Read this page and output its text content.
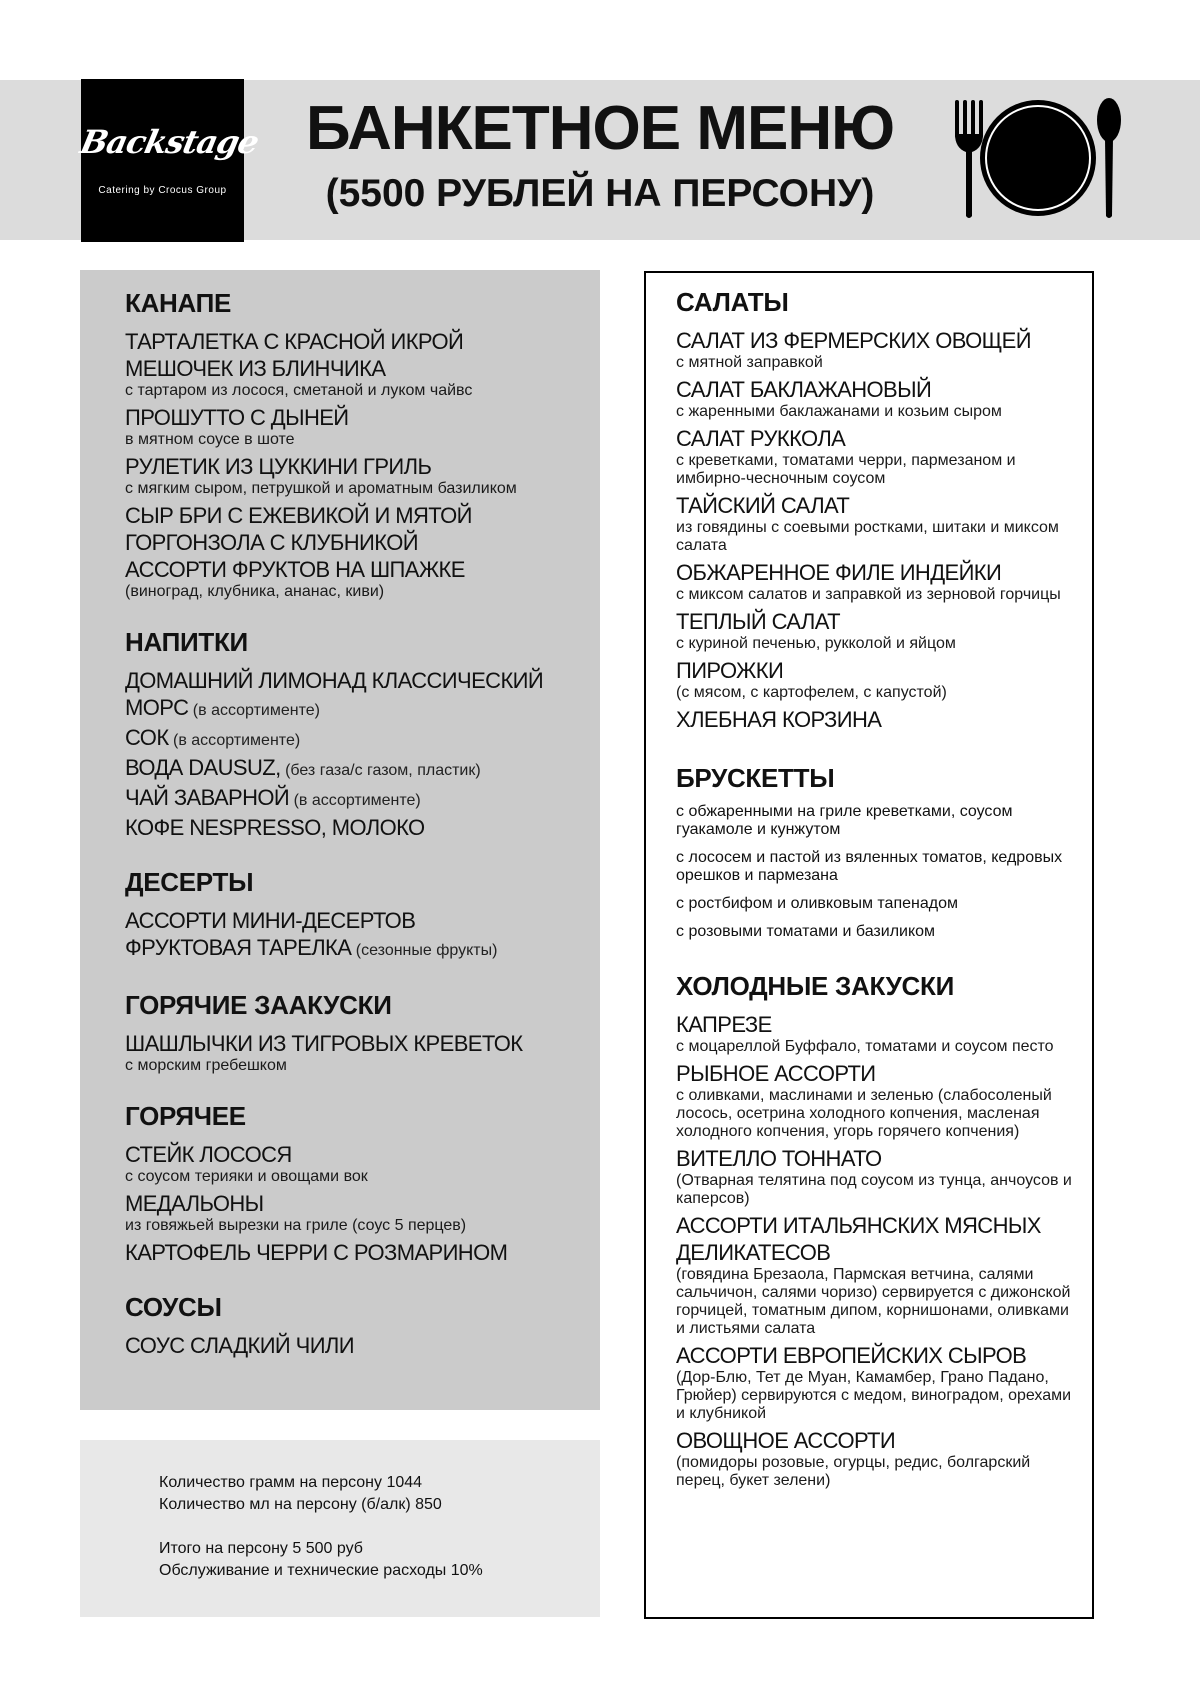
Backstage
Catering by Crocus Group
БАНКЕТНОЕ МЕНЮ
(5500 РУБЛЕЙ НА ПЕРСОНУ)
КАНАПЕ
ТАРТАЛЕТКА С КРАСНОЙ ИКРОЙ
МЕШОЧЕК ИЗ БЛИНЧИКА
с тартаром из лосося, сметаной и луком чайвс
ПРОШУТТО С ДЫНЕЙ
в мятном соусе в шоте
РУЛЕТИК ИЗ ЦУККИНИ ГРИЛЬ
с мягким сыром, петрушкой и ароматным базиликом
СЫР БРИ С ЕЖЕВИКОЙ И МЯТОЙ
ГОРГОНЗОЛА С КЛУБНИКОЙ
АССОРТИ ФРУКТОВ НА ШПАЖКЕ
(виноград, клубника, ананас, киви)
НАПИТКИ
ДОМАШНИЙ ЛИМОНАД КЛАССИЧЕСКИЙ
МОРС (в ассортименте)
СОК (в ассортименте)
ВОДА DAUSUZ, (без газа/с газом, пластик)
ЧАЙ ЗАВАРНОЙ (в ассортименте)
КОФЕ NESPRESSO, МОЛОКО
ДЕСЕРТЫ
АССОРТИ МИНИ-ДЕСЕРТОВ
ФРУКТОВАЯ ТАРЕЛКА (сезонные фрукты)
ГОРЯЧИЕ ЗААКУСКИ
ШАШЛЫЧКИ ИЗ ТИГРОВЫХ КРЕВЕТОК
с морским гребешком
ГОРЯЧЕЕ
СТЕЙК ЛОСОСЯ
с соусом терияки и овощами вок
МЕДАЛЬОНЫ
из говяжьей вырезки на гриле (соус 5 перцев)
КАРТОФЕЛЬ ЧЕРРИ С РОЗМАРИНОМ
СОУСЫ
СОУС СЛАДКИЙ ЧИЛИ
Количество грамм на персону 1044
Количество мл на персону (б/алк) 850
Итого на персону 5 500 руб
Обслуживание и технические расходы 10%
САЛАТЫ
САЛАТ ИЗ ФЕРМЕРСКИХ ОВОЩЕЙ
с мятной заправкой
САЛАТ БАКЛАЖАНОВЫЙ
с жаренными баклажанами и козьим сыром
САЛАТ РУККОЛА
с креветками, томатами черри, пармезаном и имбирно-чесночным соусом
ТАЙСКИЙ САЛАТ
из говядины с соевыми ростками, шитаки и миксом салата
ОБЖАРЕННОЕ ФИЛЕ ИНДЕЙКИ
с миксом салатов и заправкой из зерновой горчицы
ТЕПЛЫЙ САЛАТ
с куриной печенью, рукколой и яйцом
ПИРОЖКИ
(с мясом, с картофелем, с капустой)
ХЛЕБНАЯ КОРЗИНА
БРУСКЕТТЫ
с обжаренными на гриле креветками, соусом гуакамоле и кунжутом
с лососем и пастой из вяленных томатов, кедровых орешков и пармезана
с ростбифом и оливковым тапенадом
с розовыми томатами и базиликом
ХОЛОДНЫЕ ЗАКУСКИ
КАПРЕЗЕ
с моцареллой Буффало, томатами и соусом песто
РЫБНОЕ АССОРТИ
с оливками, маслинами и зеленью (слабосоленый лосось, осетрина холодного копчения, масленая холодного копчения, угорь горячего копчения)
ВИТЕЛЛО ТОННАТО
(Отварная телятина под соусом из тунца, анчоусов и каперсов)
АССОРТИ ИТАЛЬЯНСКИХ МЯСНЫХ ДЕЛИКАТЕСОВ
(говядина Брезаола, Пармская ветчина, салями сальчичон, салями чоризо) сервируется с дижонской горчицей, томатным дипом, корнишонами, оливками и листьями салата
АССОРТИ ЕВРОПЕЙСКИХ СЫРОВ
(Дор-Блю, Тет де Муан, Камамбер, Грано Падано, Грюйер) сервируются с медом, виноградом, орехами и клубникой
ОВОЩНОЕ АССОРТИ
(помидоры розовые, огурцы, редис, болгарский перец, букет зелени)
